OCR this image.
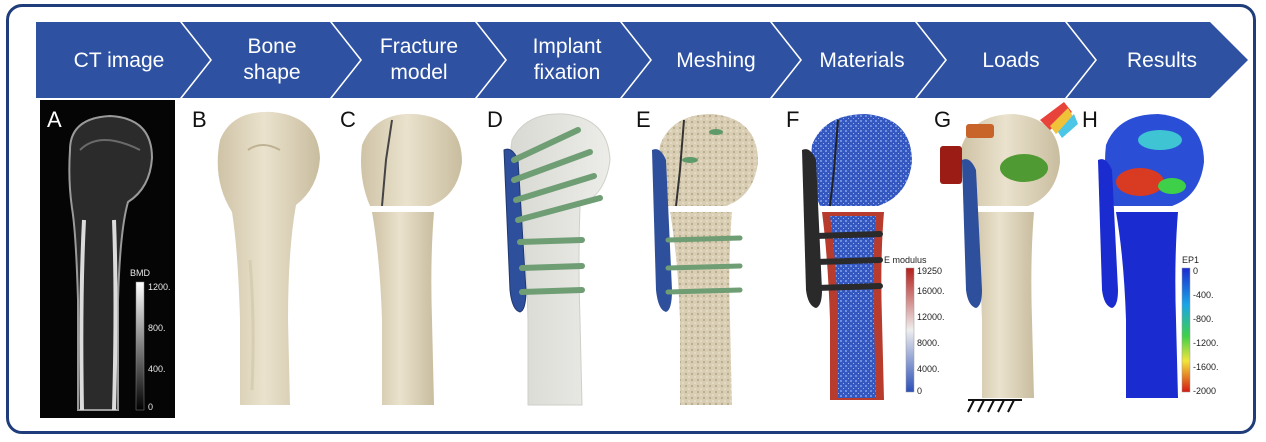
CT image
Bone
shape
Fracture
model
Implant
fixation
Meshing	Materials	Loads	Results
A
BMD
1200.
800.
400.
0
B	C	D	E
E modulus
19250
16000.
12000.
8000.
4000.
0
F	G
EP1
0
-400.
-800.
-1200.
-1600.
-2000
H
